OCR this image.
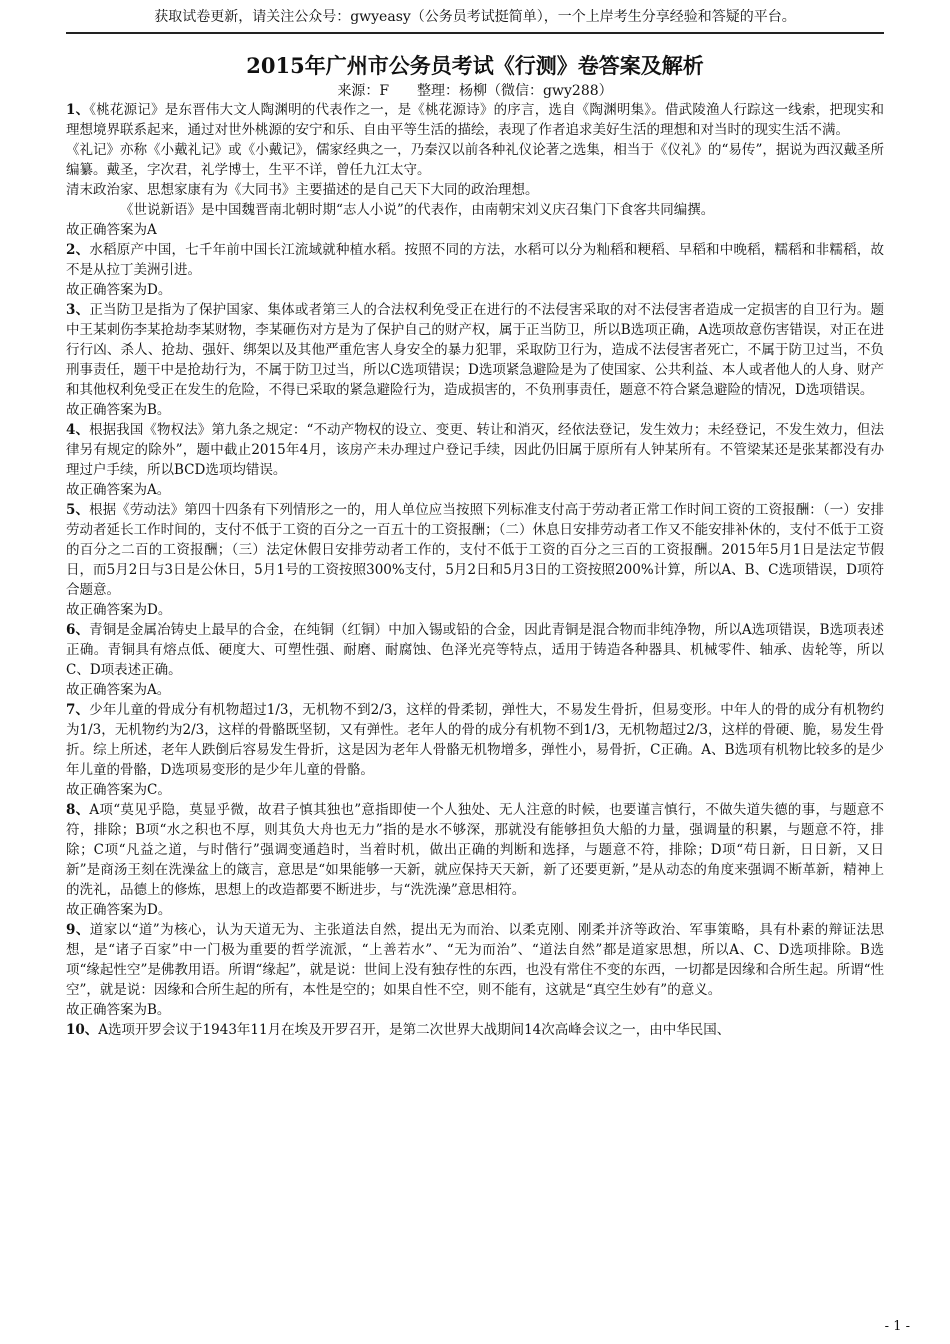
获取试卷更新，请关注公众号：gwyeasy（公务员考试挺简单），一个上岸考生分享经验和答疑的平台。
2015年广州市公务员考试《行测》卷答案及解析
来源：F　　整理：杨柳（微信：gwy288）

1、《桃花源记》是东晋伟大文人陶渊明的代表作之一，是《桃花源诗》的序言，选自《陶渊明集》。借武陵渔人行踪这一线索，把现实和理想境界联系起来，通过对世外桃源的安宁和乐、自由平等生活的描绘，表现了作者追求美好生活的理想和对当时的现实生活不满。

《礼记》亦称《小戴礼记》或《小戴记》，儒家经典之一，乃秦汉以前各种礼仪论著之选集，相当于《仪礼》的“易传”，据说为西汉戴圣所编纂。戴圣，字次君，礼学博士，生平不详，曾任九江太守。

清末政治家、思想家康有为《大同书》主要描述的是自己天下大同的政治理想。

《世说新语》是中国魏晋南北朝时期“志人小说”的代表作，由南朝宋刘义庆召集门下食客共同编撰。

故正确答案为A

2、水稻原产中国，七千年前中国长江流域就种植水稻。按照不同的方法，水稻可以分为籼稻和粳稻、早稻和中晚稻，糯稻和非糯稻，故不是从拉丁美洲引进。

故正确答案为D。

3、正当防卫是指为了保护国家、集体或者第三人的合法权利免受正在进行的不法侵害采取的对不法侵害者造成一定损害的自卫行为。题中王某刺伤李某抢劫李某财物，李某砸伤对方是为了保护自己的财产权，属于正当防卫，所以B选项正确，A选项故意伤害错误，对正在进行行凶、杀人、抢劫、强奸、绑架以及其他严重危害人身安全的暴力犯罪，采取防卫行为，造成不法侵害者死亡，不属于防卫过当，不负刑事责任，题干中是抢劫行为，不属于防卫过当，所以C选项错误；D选项紧急避险是为了使国家、公共利益、本人或者他人的人身、财产和其他权利免受正在发生的危险，不得已采取的紧急避险行为，造成损害的，不负刑事责任，题意不符合紧急避险的情况，D选项错误。

故正确答案为B。

4、根据我国《物权法》第九条之规定：“不动产物权的设立、变更、转让和消灭，经依法登记，发生效力；未经登记，不发生效力，但法律另有规定的除外”，题中截止2015年4月，该房产未办理过户登记手续，因此仍旧属于原所有人钟某所有。不管梁某还是张某都没有办理过户手续，所以BCD选项均错误。

故正确答案为A。

5、根据《劳动法》第四十四条有下列情形之一的，用人单位应当按照下列标准支付高于劳动者正常工作时间工资的工资报酬：（一）安排劳动者延长工作时间的，支付不低于工资的百分之一百五十的工资报酬；（二）休息日安排劳动者工作又不能安排补休的，支付不低于工资的百分之二百的工资报酬；（三）法定休假日安排劳动者工作的，支付不低于工资的百分之三百的工资报酬。2015年5月1日是法定节假日，而5月2日与3日是公休日，5月1号的工资按照300%支付，5月2日和5月3日的工资按照200%计算，所以A、B、C选项错误，D项符合题意。

故正确答案为D。

6、青铜是金属冶铸史上最早的合金，在纯铜（红铜）中加入锡或铅的合金，因此青铜是混合物而非纯净物，所以A选项错误，B选项表述正确。青铜具有熔点低、硬度大、可塑性强、耐磨、耐腐蚀、色泽光亮等特点，适用于铸造各种器具、机械零件、轴承、齿轮等，所以C、D项表述正确。

故正确答案为A。

7、少年儿童的骨成分有机物超过1/3，无机物不到2/3，这样的骨柔韧，弹性大，不易发生骨折，但易变形。中年人的骨的成分有机物约为1/3，无机物约为2/3，这样的骨骼既坚韧，又有弹性。老年人的骨的成分有机物不到1/3，无机物超过2/3，这样的骨硬、脆，易发生骨折。综上所述，老年人跌倒后容易发生骨折，这是因为老年人骨骼无机物增多，弹性小，易骨折，C正确。A、B选项有机物比较多的是少年儿童的骨骼，D选项易变形的是少年儿童的骨骼。

故正确答案为C。

8、A项“莫见乎隐，莫显乎微，故君子慎其独也”意指即使一个人独处、无人注意的时候，也要谨言慎行，不做失道失德的事，与题意不符，排除；B项“水之积也不厚，则其负大舟也无力”指的是水不够深，那就没有能够担负大船的力量，强调量的积累，与题意不符，排除；C项“凡益之道，与时偕行”强调变通趋时，当着时机，做出正确的判断和选择，与题意不符，排除；D项“苟日新，日日新，又日新”是商汤王刻在洗澡盆上的箴言，意思是“如果能够一天新，就应保持天天新，新了还要更新，”是从动态的角度来强调不断革新，精神上的洗礼，品德上的修炼，思想上的改造都要不断进步，与“洗洗澡”意思相符。

故正确答案为D。

9、道家以“道”为核心，认为天道无为、主张道法自然，提出无为而治、以柔克刚、刚柔并济等政治、军事策略，具有朴素的辩证法思想，是“诸子百家”中一门极为重要的哲学流派，“上善若水”、“无为而治”、“道法自然”都是道家思想，所以A、C、D选项排除。B选项“缘起性空”是佛教用语。所谓“缘起”，就是说：世间上没有独存性的东西，也没有常住不变的东西，一切都是因缘和合所生起。所谓“性空”，就是说：因缘和合所生起的所有，本性是空的；如果自性不空，则不能有，这就是“真空生妙有”的意义。

故正确答案为B。

10、A选项开罗会议于1943年11月在埃及开罗召开，是第二次世界大战期间14次高峰会议之一，由中华民国、

- 1 -
